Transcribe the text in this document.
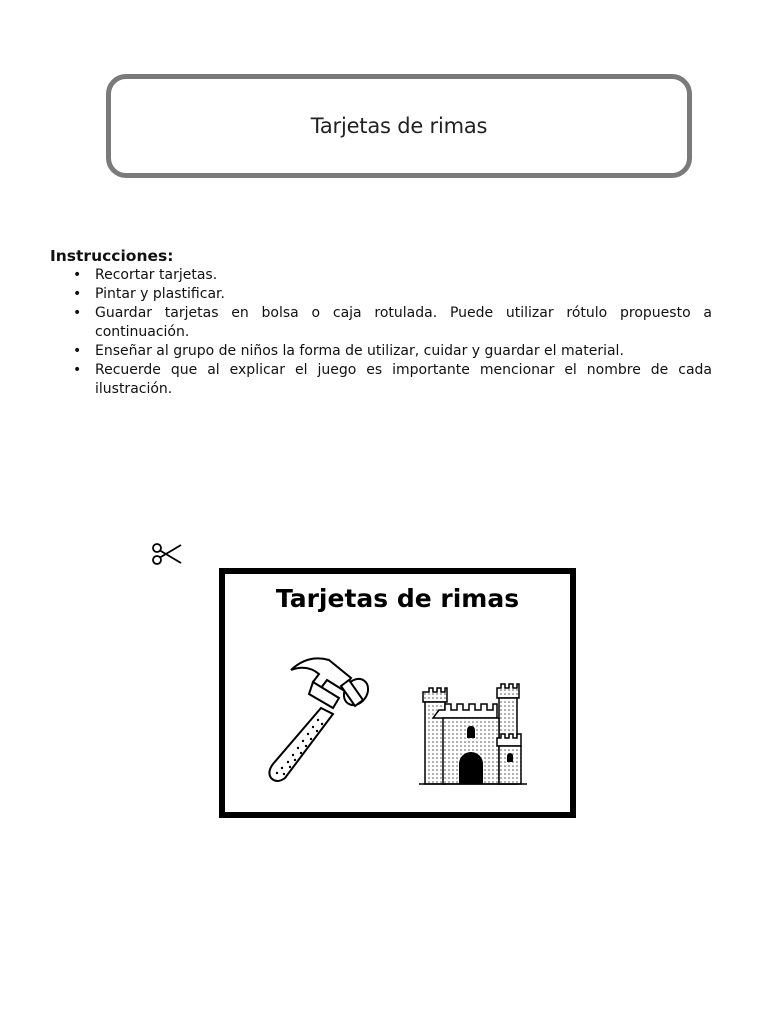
Tarjetas de rimas
Instrucciones:
• Recortar tarjetas.
• Pintar y plastificar.
• Guardar tarjetas en bolsa o caja rotulada. Puede utilizar rótulo propuesto a continuación.
• Enseñar al grupo de niños la forma de utilizar, cuidar y guardar el material.
• Recuerde que al explicar el juego es importante mencionar el nombre de cada ilustración.
Tarjetas de rimas
